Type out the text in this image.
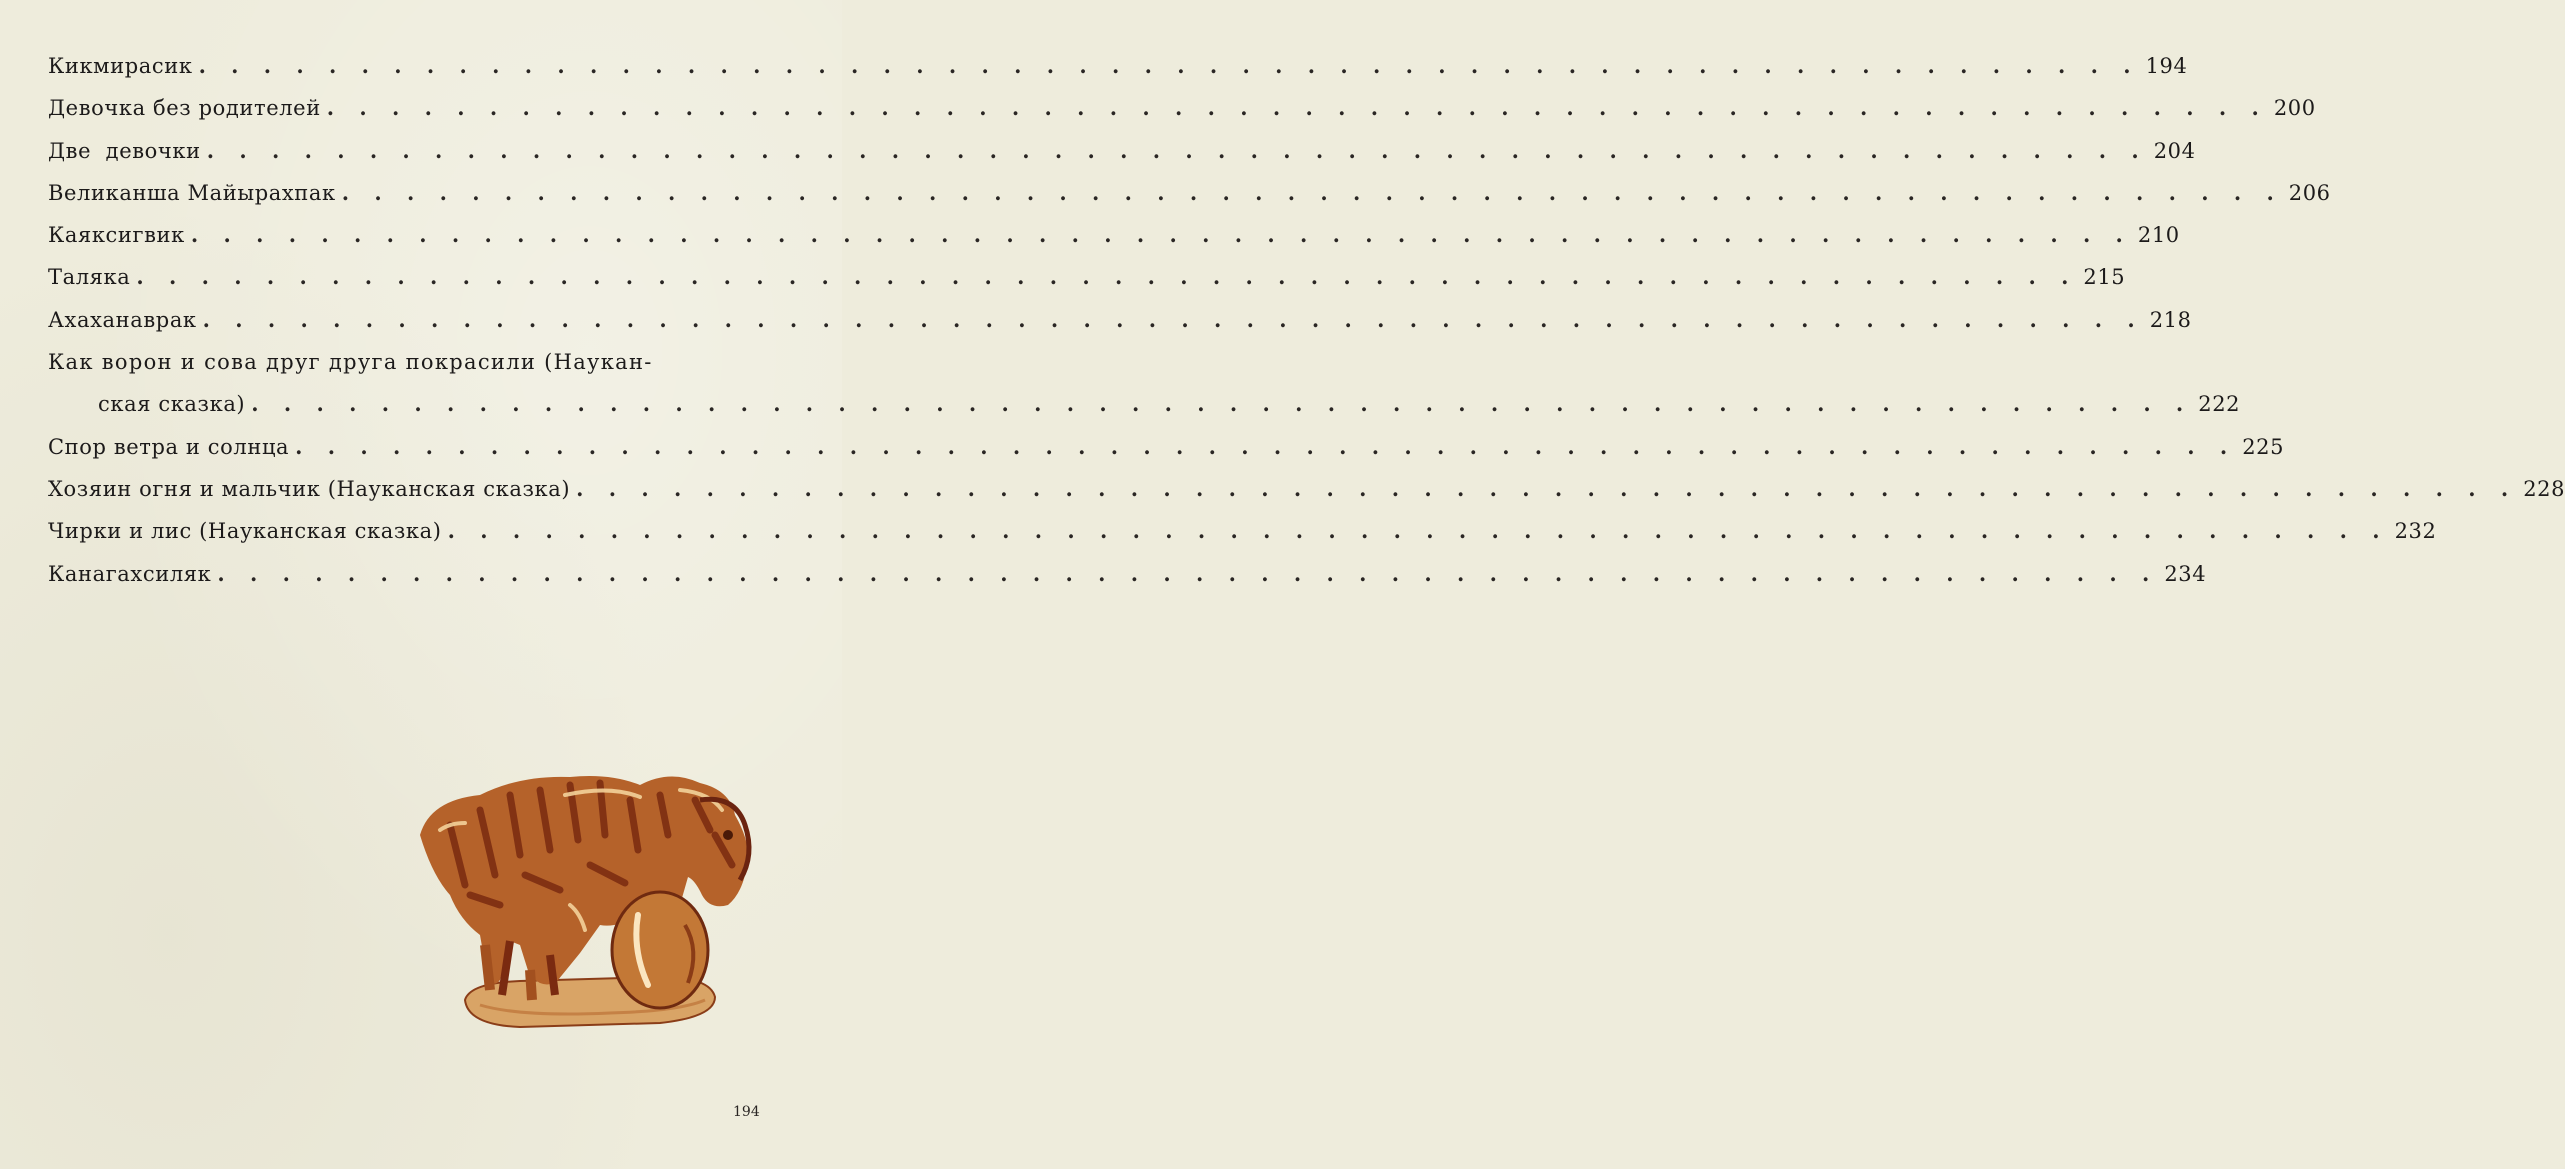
Кикмирасик . . .	194
Девочка без родителей . . .	200
Две  девочки . . .	204
Великанша Майырахпак . . .	206
Каяксигвик . . .	210
Таляка . . .	215
Ахаханаврак . . .	218
Как ворон и сова друг друга покрасили (Наукан-
ская сказка) . . .	222
Спор ветра и солнца . . .	225
Хозяин огня и мальчик (Науканская сказка) . . .	228
Чирки и лис (Науканская сказка) . . .	232
Канагахсиляк . . .	234
194
